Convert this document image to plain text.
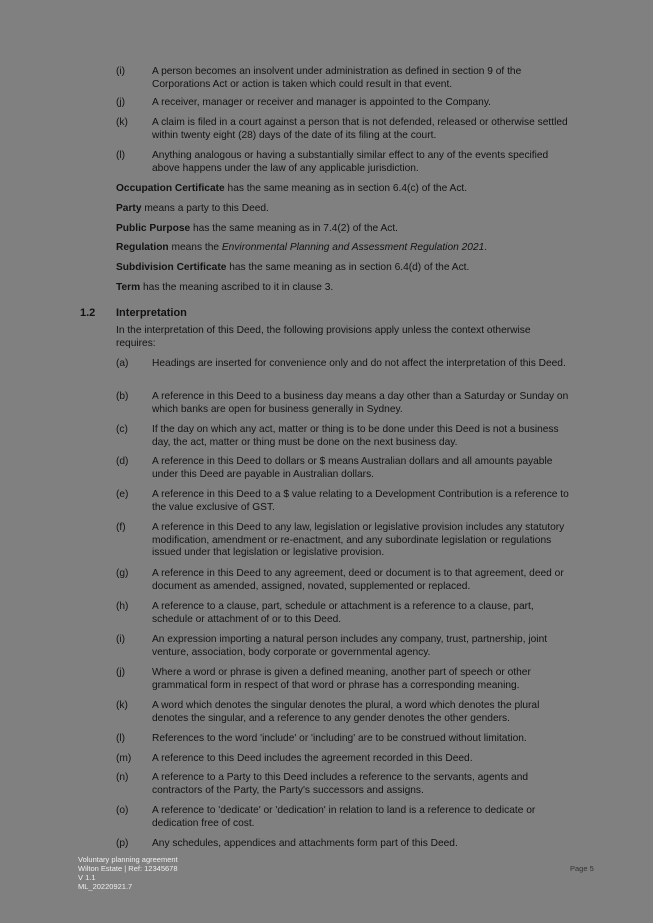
(i)	A person becomes an insolvent under administration as defined in section 9 of the Corporations Act or action is taken which could result in that event.
(j)	A receiver, manager or receiver and manager is appointed to the Company.
(k)	A claim is filed in a court against a person that is not defended, released or otherwise settled within twenty eight (28) days of the date of its filing at the court.
(l)	Anything analogous or having a substantially similar effect to any of the events specified above happens under the law of any applicable jurisdiction.
Occupation Certificate has the same meaning as in section 6.4(c) of the Act.
Party means a party to this Deed.
Public Purpose has the same meaning as in 7.4(2) of the Act.
Regulation means the Environmental Planning and Assessment Regulation 2021.
Subdivision Certificate has the same meaning as in section 6.4(d) of the Act.
Term has the meaning ascribed to it in clause 3.
1.2 Interpretation
In the interpretation of this Deed, the following provisions apply unless the context otherwise requires:
(a)	Headings are inserted for convenience only and do not affect the interpretation of this Deed.
(b)	A reference in this Deed to a business day means a day other than a Saturday or Sunday on which banks are open for business generally in Sydney.
(c)	If the day on which any act, matter or thing is to be done under this Deed is not a business day, the act, matter or thing must be done on the next business day.
(d)	A reference in this Deed to dollars or $ means Australian dollars and all amounts payable under this Deed are payable in Australian dollars.
(e)	A reference in this Deed to a $ value relating to a Development Contribution is a reference to the value exclusive of GST.
(f)	A reference in this Deed to any law, legislation or legislative provision includes any statutory modification, amendment or re-enactment, and any subordinate legislation or regulations issued under that legislation or legislative provision.
(g)	A reference in this Deed to any agreement, deed or document is to that agreement, deed or document as amended, assigned, novated, supplemented or replaced.
(h)	A reference to a clause, part, schedule or attachment is a reference to a clause, part, schedule or attachment of or to this Deed.
(i)	An expression importing a natural person includes any company, trust, partnership, joint venture, association, body corporate or governmental agency.
(j)	Where a word or phrase is given a defined meaning, another part of speech or other grammatical form in respect of that word or phrase has a corresponding meaning.
(k)	A word which denotes the singular denotes the plural, a word which denotes the plural denotes the singular, and a reference to any gender denotes the other genders.
(l)	References to the word 'include' or 'including' are to be construed without limitation.
(m)	A reference to this Deed includes the agreement recorded in this Deed.
(n)	A reference to a Party to this Deed includes a reference to the servants, agents and contractors of the Party, the Party's successors and assigns.
(o)	A reference to 'dedicate' or 'dedication' in relation to land is a reference to dedicate or dedication free of cost.
(p)	Any schedules, appendices and attachments form part of this Deed.
Voluntary planning agreement
Wilton Estate | Ref: 12345678
V 1.1
ML_20220921.7
Page 5
